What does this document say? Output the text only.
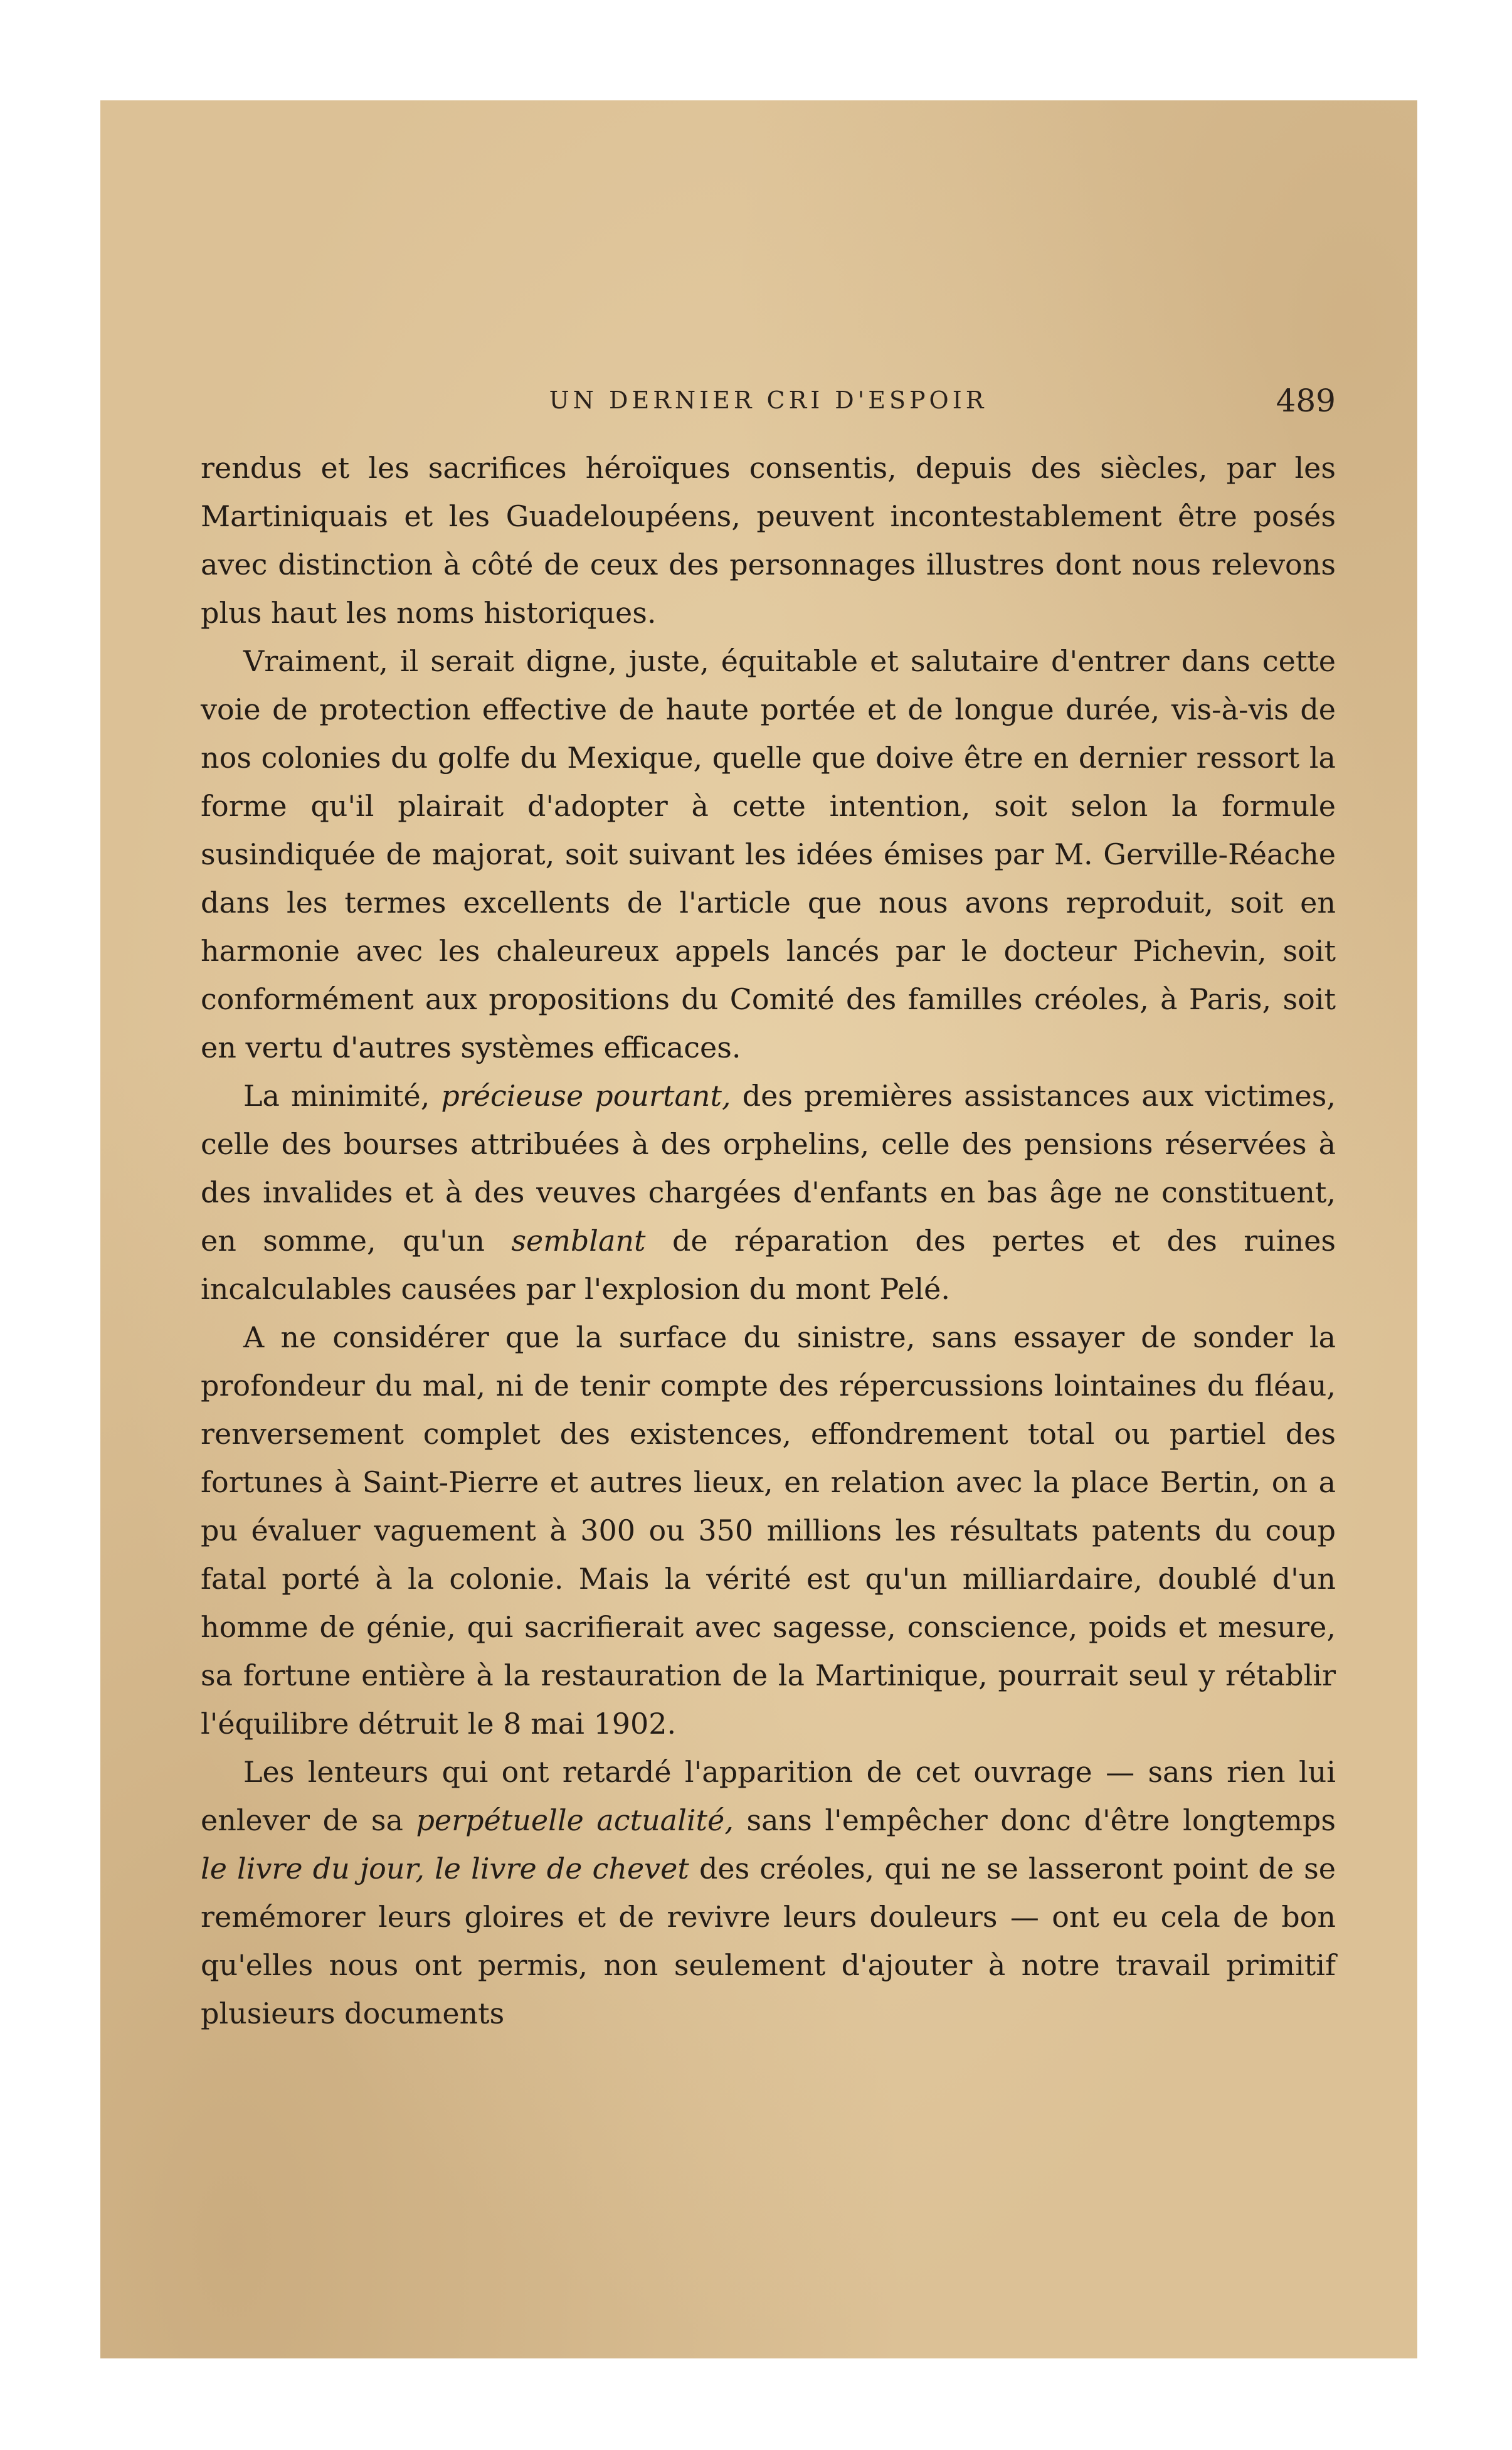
UN DERNIER CRI D'ESPOIR	489

rendus et les sacrifices héroïques consentis, depuis des siècles, par les Martiniquais et les Guadeloupéens, peuvent incontestablement être posés avec distinction à côté de ceux des personnages illustres dont nous relevons plus haut les noms historiques.

Vraiment, il serait digne, juste, équitable et salutaire d'entrer dans cette voie de protection effective de haute portée et de longue durée, vis-à-vis de nos colonies du golfe du Mexique, quelle que doive être en dernier ressort la forme qu'il plairait d'adopter à cette intention, soit selon la formule susindiquée de majorat, soit suivant les idées émises par M. Gerville-Réache dans les termes excellents de l'article que nous avons reproduit, soit en harmonie avec les chaleureux appels lancés par le docteur Pichevin, soit conformément aux propositions du Comité des familles créoles, à Paris, soit en vertu d'autres systèmes efficaces.

La minimité, précieuse pourtant, des premières assistances aux victimes, celle des bourses attribuées à des orphelins, celle des pensions réservées à des invalides et à des veuves chargées d'enfants en bas âge ne constituent, en somme, qu'un semblant de réparation des pertes et des ruines incalculables causées par l'explosion du mont Pelé.

A ne considérer que la surface du sinistre, sans essayer de sonder la profondeur du mal, ni de tenir compte des répercussions lointaines du fléau, renversement complet des existences, effondrement total ou partiel des fortunes à Saint-Pierre et autres lieux, en relation avec la place Bertin, on a pu évaluer vaguement à 300 ou 350 millions les résultats patents du coup fatal porté à la colonie. Mais la vérité est qu'un milliardaire, doublé d'un homme de génie, qui sacrifierait avec sagesse, conscience, poids et mesure, sa fortune entière à la restauration de la Martinique, pourrait seul y rétablir l'équilibre détruit le 8 mai 1902.

Les lenteurs qui ont retardé l'apparition de cet ouvrage — sans rien lui enlever de sa perpétuelle actualité, sans l'empêcher donc d'être longtemps le livre du jour, le livre de chevet des créoles, qui ne se lasseront point de se remémorer leurs gloires et de revivre leurs douleurs — ont eu cela de bon qu'elles nous ont permis, non seulement d'ajouter à notre travail primitif plusieurs documents
